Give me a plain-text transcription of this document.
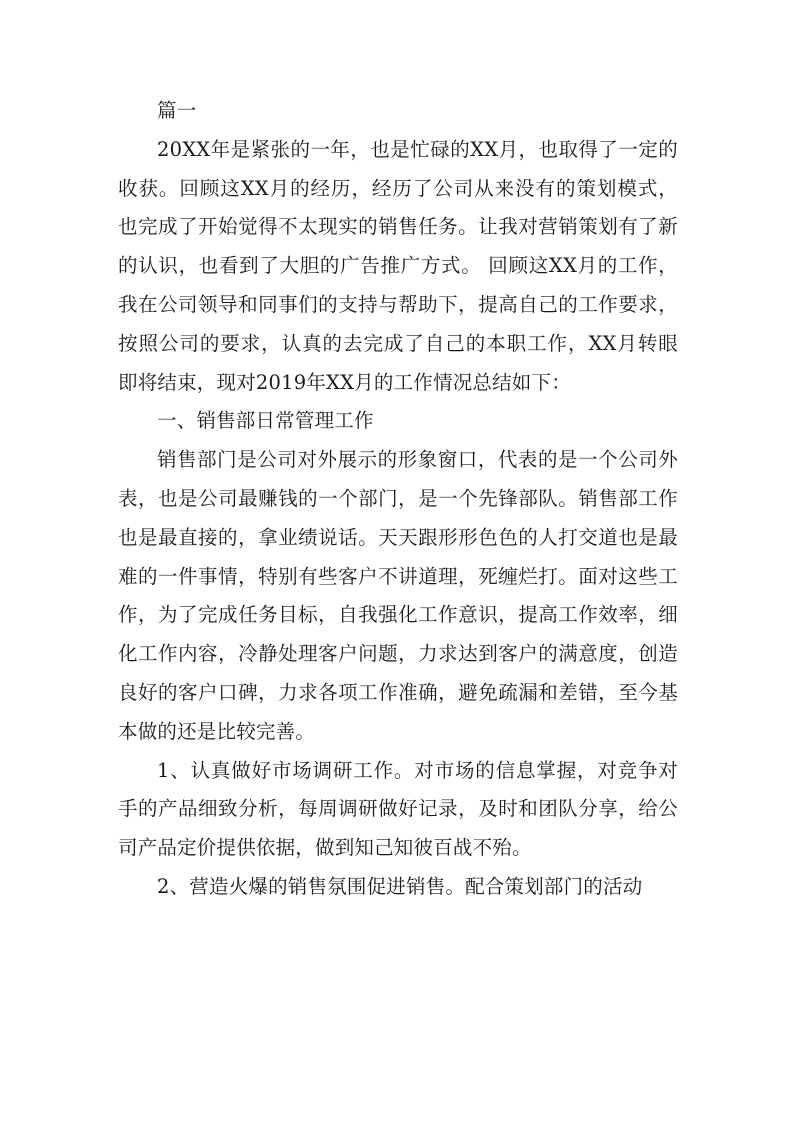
篇一

20XX年是紧张的一年，也是忙碌的XX月，也取得了一定的收获。回顾这XX月的经历，经历了公司从来没有的策划模式，也完成了开始觉得不太现实的销售任务。让我对营销策划有了新的认识，也看到了大胆的广告推广方式。 回顾这XX月的工作，我在公司领导和同事们的支持与帮助下，提高自己的工作要求，按照公司的要求，认真的去完成了自己的本职工作，XX月转眼即将结束，现对2019年XX月的工作情况总结如下：

一、销售部日常管理工作

销售部门是公司对外展示的形象窗口，代表的是一个公司外表，也是公司最赚钱的一个部门，是一个先锋部队。销售部工作也是最直接的，拿业绩说话。天天跟形形色色的人打交道也是最难的一件事情，特别有些客户不讲道理，死缠烂打。面对这些工作，为了完成任务目标，自我强化工作意识，提高工作效率，细化工作内容，冷静处理客户问题，力求达到客户的满意度，创造良好的客户口碑，力求各项工作准确，避免疏漏和差错，至今基本做的还是比较完善。

1、认真做好市场调研工作。对市场的信息掌握，对竞争对手的产品细致分析，每周调研做好记录，及时和团队分享，给公司产品定价提供依据，做到知己知彼百战不殆。

2、营造火爆的销售氛围促进销售。配合策划部门的活动
